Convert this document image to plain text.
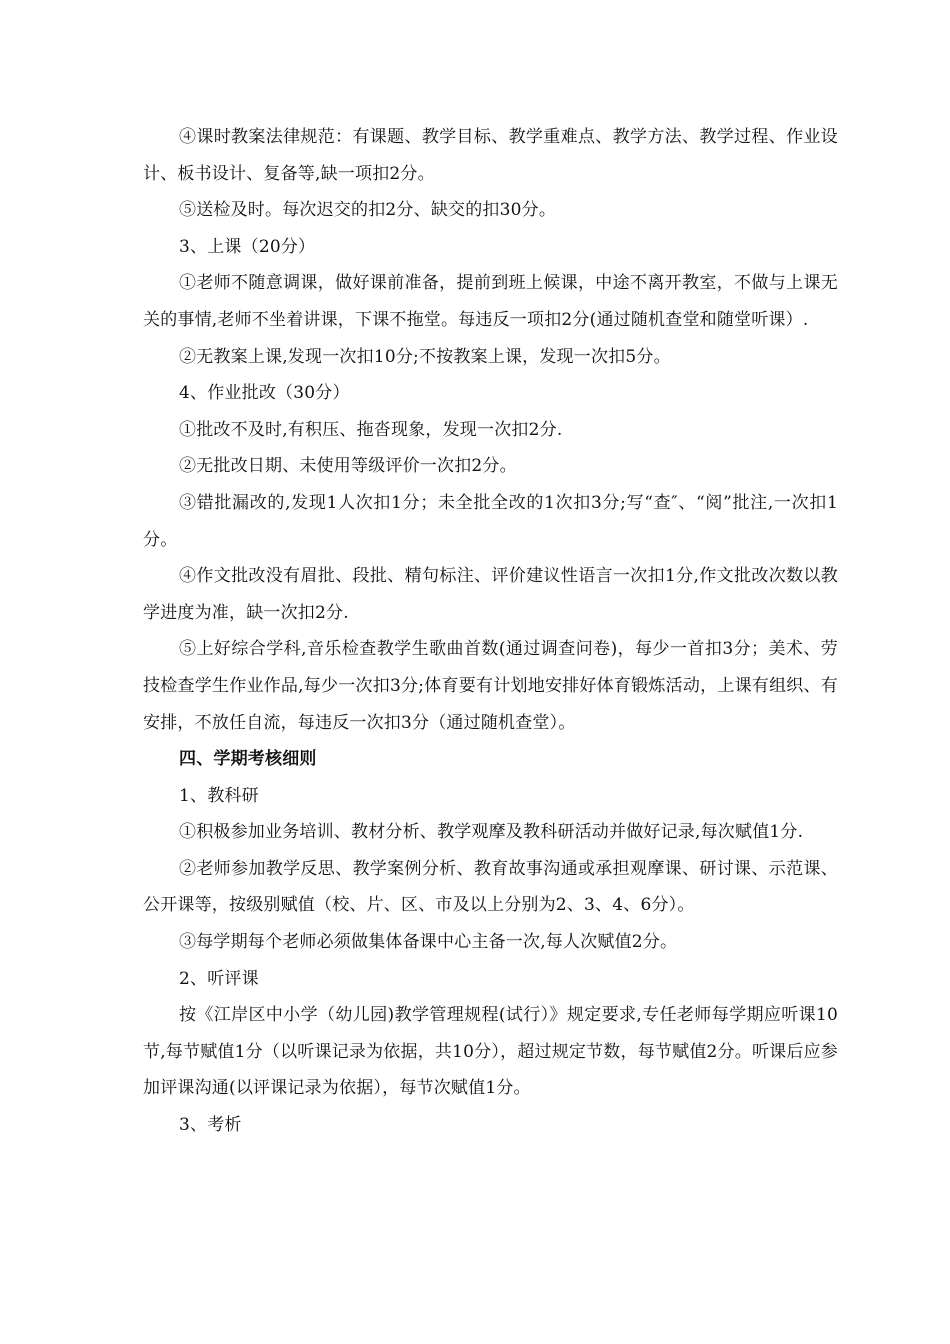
④课时教案法律规范：有课题、教学目标、教学重难点、教学方法、教学过程、作业设计、板书设计、复备等,缺一项扣2分。

⑤送检及时。每次迟交的扣2分、缺交的扣30分。

3、上课（20分）

①老师不随意调课，做好课前准备，提前到班上候课，中途不离开教室，不做与上课无关的事情,老师不坐着讲课，下课不拖堂。每违反一项扣2分(通过随机查堂和随堂听课）.

②无教案上课,发现一次扣10分;不按教案上课，发现一次扣5分。

4、作业批改（30分）

①批改不及时,有积压、拖沓现象，发现一次扣2分.

②无批改日期、未使用等级评价一次扣2分。

③错批漏改的,发现1人次扣1分；未全批全改的1次扣3分;写“查″、“阅”批注,一次扣1分。

④作文批改没有眉批、段批、精句标注、评价建议性语言一次扣1分,作文批改次数以教学进度为准，缺一次扣2分.

⑤上好综合学科,音乐检查教学生歌曲首数(通过调查问卷)，每少一首扣3分；美术、劳技检查学生作业作品,每少一次扣3分;体育要有计划地安排好体育锻炼活动，上课有组织、有安排，不放任自流，每违反一次扣3分（通过随机查堂）。

四、学期考核细则

1、教科研

①积极参加业务培训、教材分析、教学观摩及教科研活动并做好记录,每次赋值1分.

②老师参加教学反思、教学案例分析、教育故事沟通或承担观摩课、研讨课、示范课、公开课等，按级别赋值（校、片、区、市及以上分别为2、3、4、6分）。

③每学期每个老师必须做集体备课中心主备一次,每人次赋值2分。

2、听评课

按《江岸区中小学（幼儿园)教学管理规程(试行）》规定要求,专任老师每学期应听课10节,每节赋值1分（以听课记录为依据，共10分），超过规定节数，每节赋值2分。听课后应参加评课沟通(以评课记录为依据），每节次赋值1分。

3、考析
